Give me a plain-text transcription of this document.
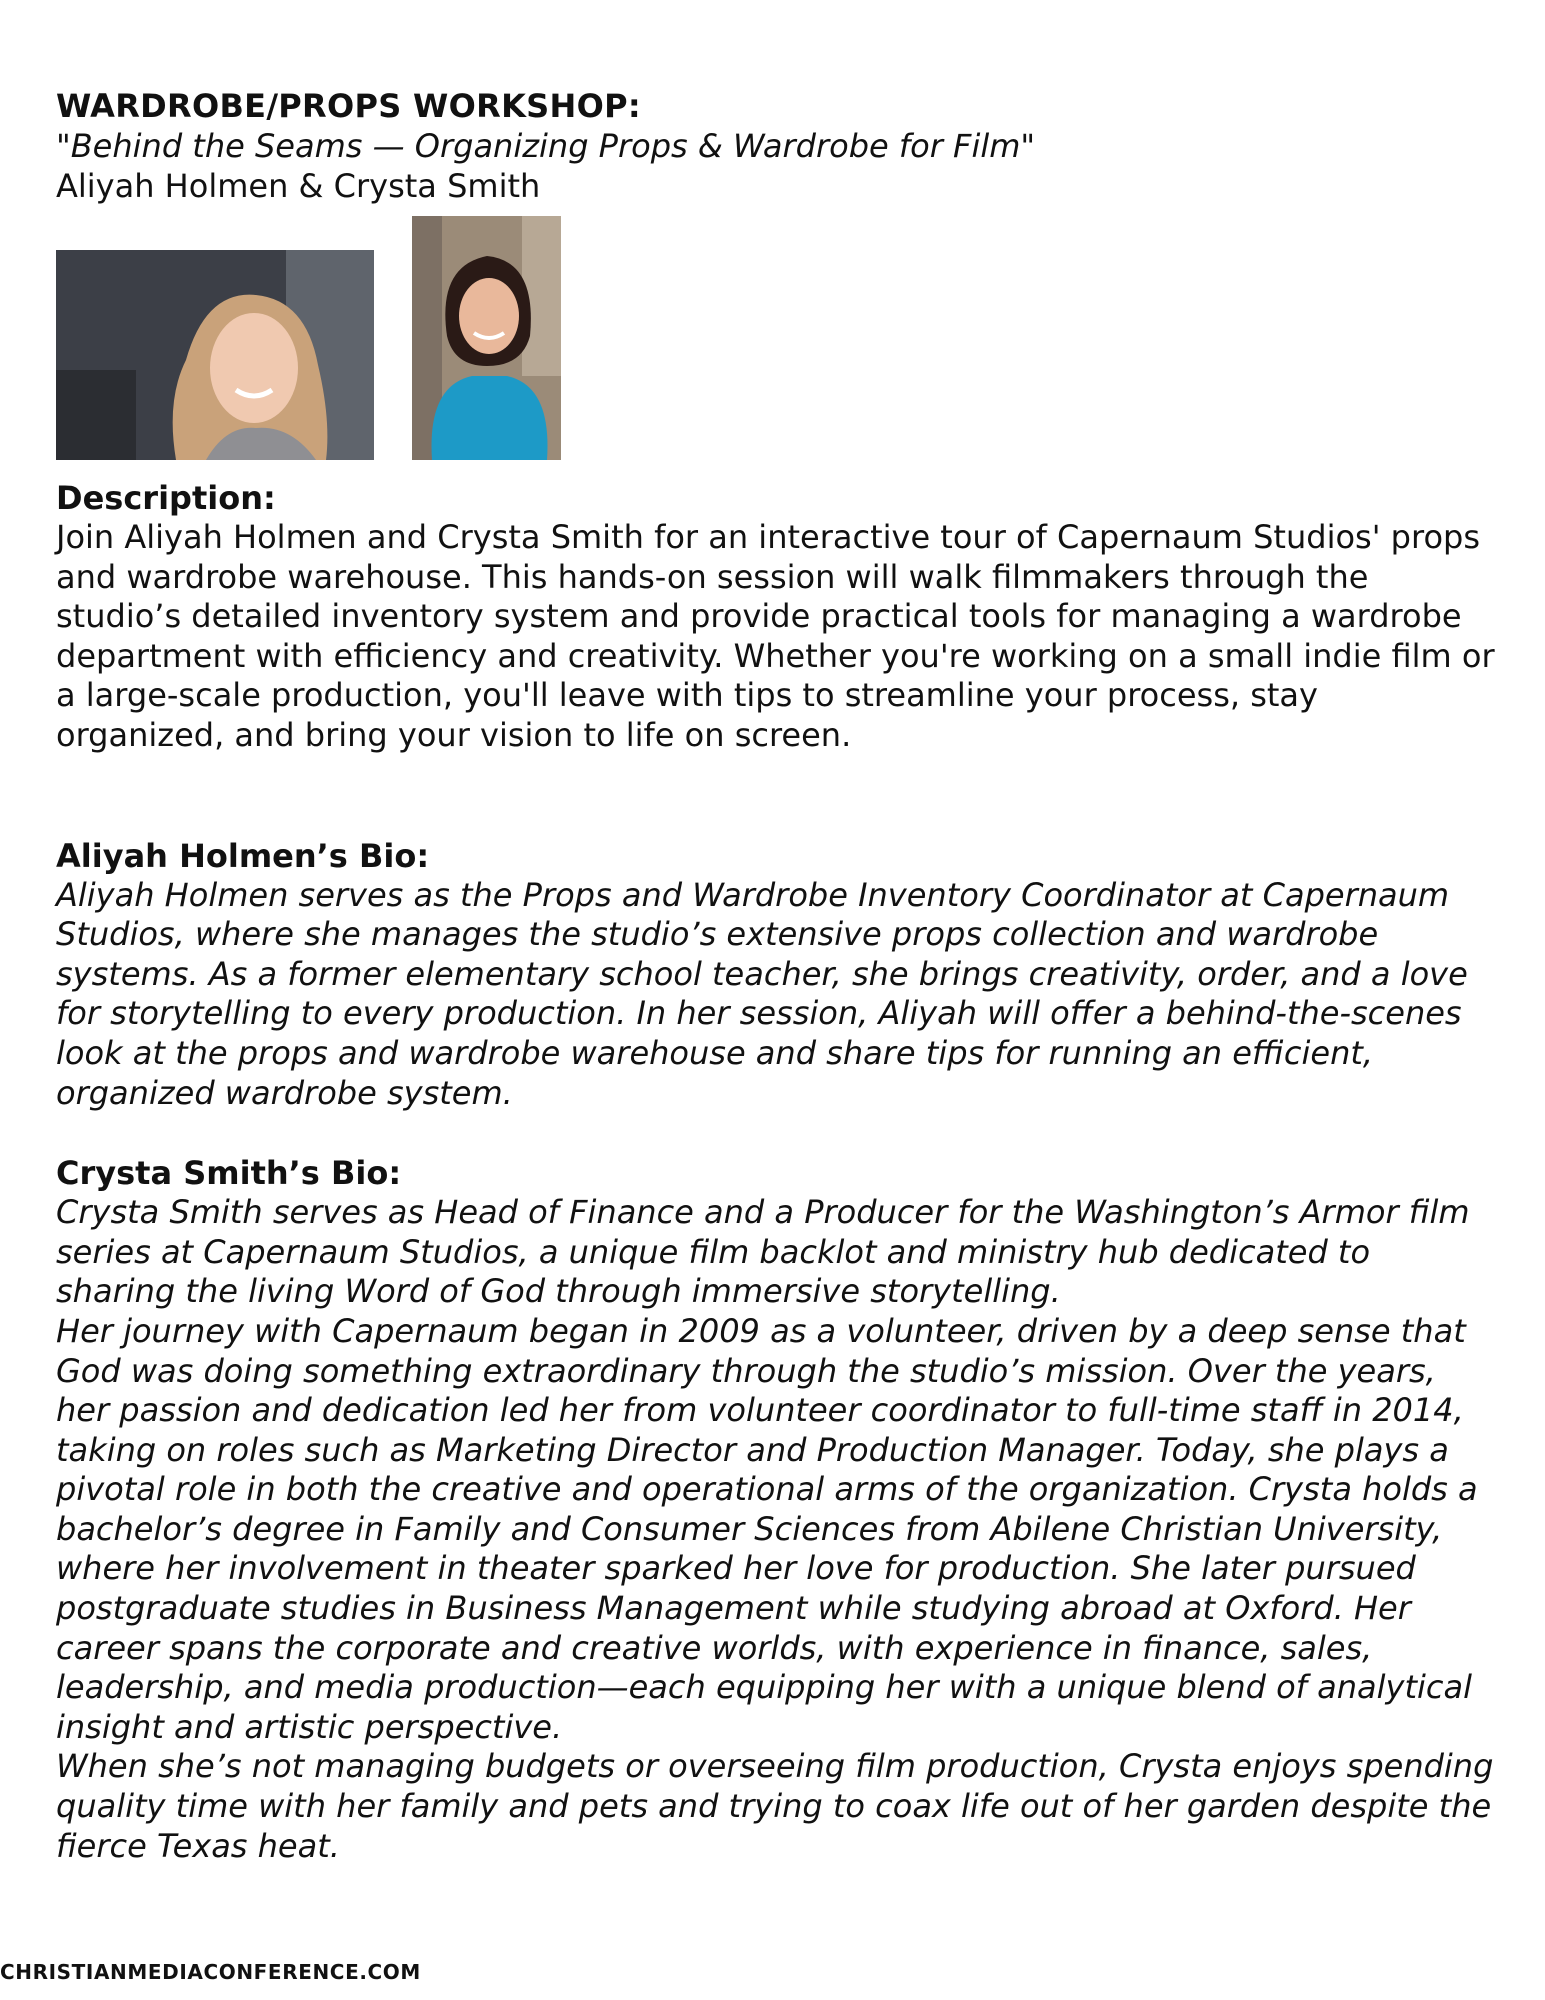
WARDROBE/PROPS WORKSHOP:

"Behind the Seams — Organizing Props & Wardrobe for Film"

Aliyah Holmen & Crysta Smith

Description:

Join Aliyah Holmen and Crysta Smith for an interactive tour of Capernaum Studios' props and wardrobe warehouse. This hands-on session will walk filmmakers through the studio’s detailed inventory system and provide practical tools for managing a wardrobe department with efficiency and creativity. Whether you're working on a small indie film or a large-scale production, you'll leave with tips to streamline your process, stay organized, and bring your vision to life on screen.

Aliyah Holmen’s Bio:

Aliyah Holmen serves as the Props and Wardrobe Inventory Coordinator at Capernaum Studios, where she manages the studio’s extensive props collection and wardrobe systems. As a former elementary school teacher, she brings creativity, order, and a love for storytelling to every production. In her session, Aliyah will offer a behind-the-scenes look at the props and wardrobe warehouse and share tips for running an efficient, organized wardrobe system.

Crysta Smith’s Bio:

Crysta Smith serves as Head of Finance and a Producer for the Washington’s Armor film series at Capernaum Studios, a unique film backlot and ministry hub dedicated to sharing the living Word of God through immersive storytelling.

Her journey with Capernaum began in 2009 as a volunteer, driven by a deep sense that God was doing something extraordinary through the studio’s mission. Over the years, her passion and dedication led her from volunteer coordinator to full-time staff in 2014, taking on roles such as Marketing Director and Production Manager. Today, she plays a pivotal role in both the creative and operational arms of the organization. Crysta holds a bachelor’s degree in Family and Consumer Sciences from Abilene Christian University, where her involvement in theater sparked her love for production. She later pursued postgraduate studies in Business Management while studying abroad at Oxford. Her career spans the corporate and creative worlds, with experience in finance, sales, leadership, and media production—each equipping her with a unique blend of analytical insight and artistic perspective.

When she’s not managing budgets or overseeing film production, Crysta enjoys spending quality time with her family and pets and trying to coax life out of her garden despite the fierce Texas heat.

CHRISTIANMEDIACONFERENCE.COM
